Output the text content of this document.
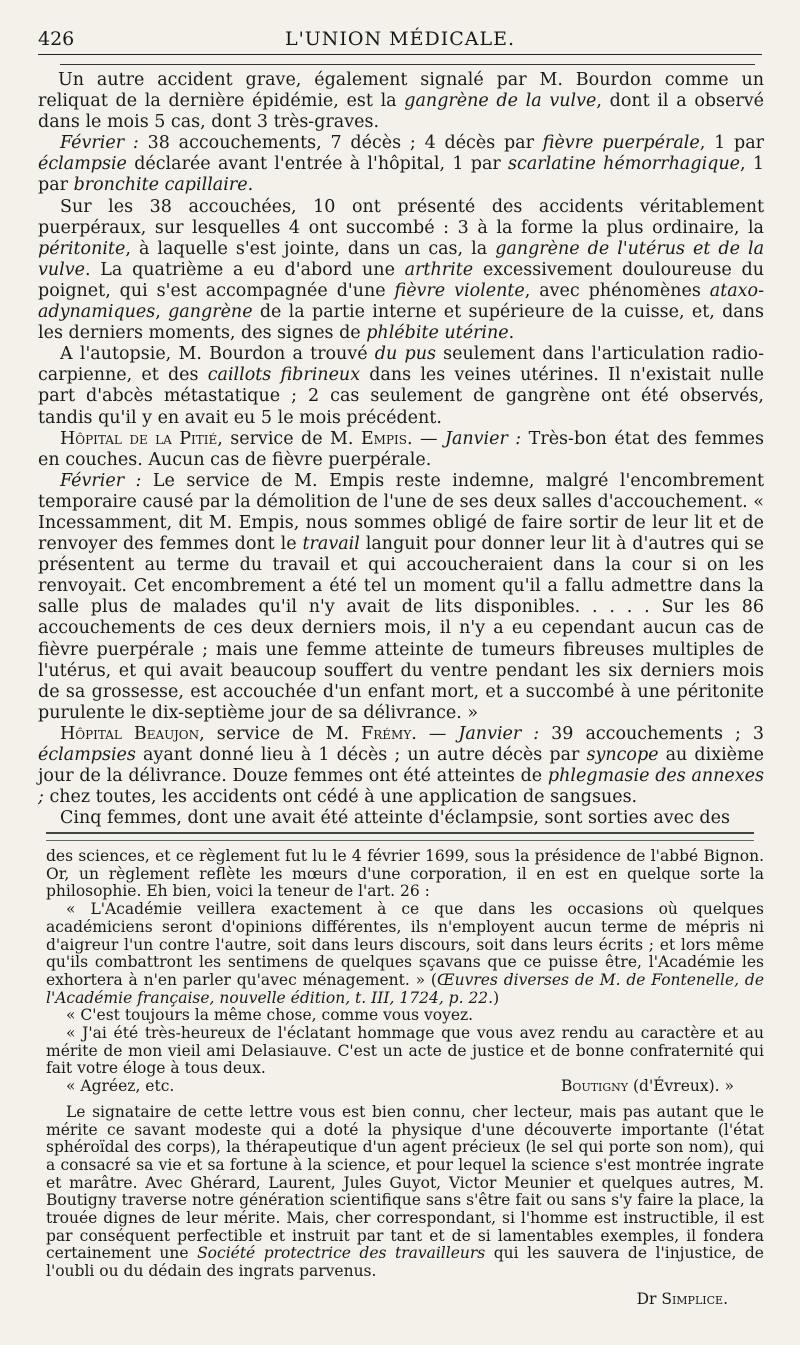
426	L'UNION MÉDICALE.

Un autre accident grave, également signalé par M. Bourdon comme un reliquat de la dernière épidémie, est la gangrène de la vulve, dont il a observé dans le mois 5 cas, dont 3 très-graves.

Février : 38 accouchements, 7 décès ; 4 décès par fièvre puerpérale, 1 par éclampsie déclarée avant l'entrée à l'hôpital, 1 par scarlatine hémorrhagique, 1 par bronchite capillaire.

Sur les 38 accouchées, 10 ont présenté des accidents véritablement puerpéraux, sur lesquelles 4 ont succombé : 3 à la forme la plus ordinaire, la péritonite, à laquelle s'est jointe, dans un cas, la gangrène de l'utérus et de la vulve. La quatrième a eu d'abord une arthrite excessivement douloureuse du poignet, qui s'est accompagnée d'une fièvre violente, avec phénomènes ataxo-adynamiques, gangrène de la partie interne et supérieure de la cuisse, et, dans les derniers moments, des signes de phlébite utérine.

A l'autopsie, M. Bourdon a trouvé du pus seulement dans l'articulation radio-carpienne, et des caillots fibrineux dans les veines utérines. Il n'existait nulle part d'abcès métastatique ; 2 cas seulement de gangrène ont été observés, tandis qu'il y en avait eu 5 le mois précédent.

Hôpital de la Pitié, service de M. Empis. — Janvier : Très-bon état des femmes en couches. Aucun cas de fièvre puerpérale.

Février : Le service de M. Empis reste indemne, malgré l'encombrement temporaire causé par la démolition de l'une de ses deux salles d'accouchement. « Incessamment, dit M. Empis, nous sommes obligé de faire sortir de leur lit et de renvoyer des femmes dont le travail languit pour donner leur lit à d'autres qui se présentent au terme du travail et qui accoucheraient dans la cour si on les renvoyait. Cet encombrement a été tel un moment qu'il a fallu admettre dans la salle plus de malades qu'il n'y avait de lits disponibles. . . . . Sur les 86 accouchements de ces deux derniers mois, il n'y a eu cependant aucun cas de fièvre puerpérale ; mais une femme atteinte de tumeurs fibreuses multiples de l'utérus, et qui avait beaucoup souffert du ventre pendant les six derniers mois de sa grossesse, est accouchée d'un enfant mort, et a succombé à une péritonite purulente le dix-septième jour de sa délivrance. »

Hôpital Beaujon, service de M. Frémy. — Janvier : 39 accouchements ; 3 éclampsies ayant donné lieu à 1 décès ; un autre décès par syncope au dixième jour de la délivrance. Douze femmes ont été atteintes de phlegmasie des annexes ; chez toutes, les accidents ont cédé à une application de sangsues.

Cinq femmes, dont une avait été atteinte d'éclampsie, sont sorties avec des

des sciences, et ce règlement fut lu le 4 février 1699, sous la présidence de l'abbé Bignon. Or, un règlement reflète les mœurs d'une corporation, il en est en quelque sorte la philosophie. Eh bien, voici la teneur de l'art. 26 :

« L'Académie veillera exactement à ce que dans les occasions où quelques académiciens seront d'opinions différentes, ils n'employent aucun terme de mépris ni d'aigreur l'un contre l'autre, soit dans leurs discours, soit dans leurs écrits ; et lors même qu'ils combattront les sentimens de quelques sçavans que ce puisse être, l'Académie les exhortera à n'en parler qu'avec ménagement. » (Œuvres diverses de M. de Fontenelle, de l'Académie française, nouvelle édition, t. III, 1724, p. 22.)

« C'est toujours la même chose, comme vous voyez.

« J'ai été très-heureux de l'éclatant hommage que vous avez rendu au caractère et au mérite de mon vieil ami Delasiauve. C'est un acte de justice et de bonne confraternité qui fait votre éloge à tous deux.

« Agréez, etc.	Boutigny (d'Évreux). »

Le signataire de cette lettre vous est bien connu, cher lecteur, mais pas autant que le mérite ce savant modeste qui a doté la physique d'une découverte importante (l'état sphéroïdal des corps), la thérapeutique d'un agent précieux (le sel qui porte son nom), qui a consacré sa vie et sa fortune à la science, et pour lequel la science s'est montrée ingrate et marâtre. Avec Ghérard, Laurent, Jules Guyot, Victor Meunier et quelques autres, M. Boutigny traverse notre génération scientifique sans s'être fait ou sans s'y faire la place, la trouée dignes de leur mérite. Mais, cher correspondant, si l'homme est instructible, il est par conséquent perfectible et instruit par tant et de si lamentables exemples, il fondera certainement une Société protectrice des travailleurs qui les sauvera de l'injustice, de l'oubli ou du dédain des ingrats parvenus.

Dr Simplice.
